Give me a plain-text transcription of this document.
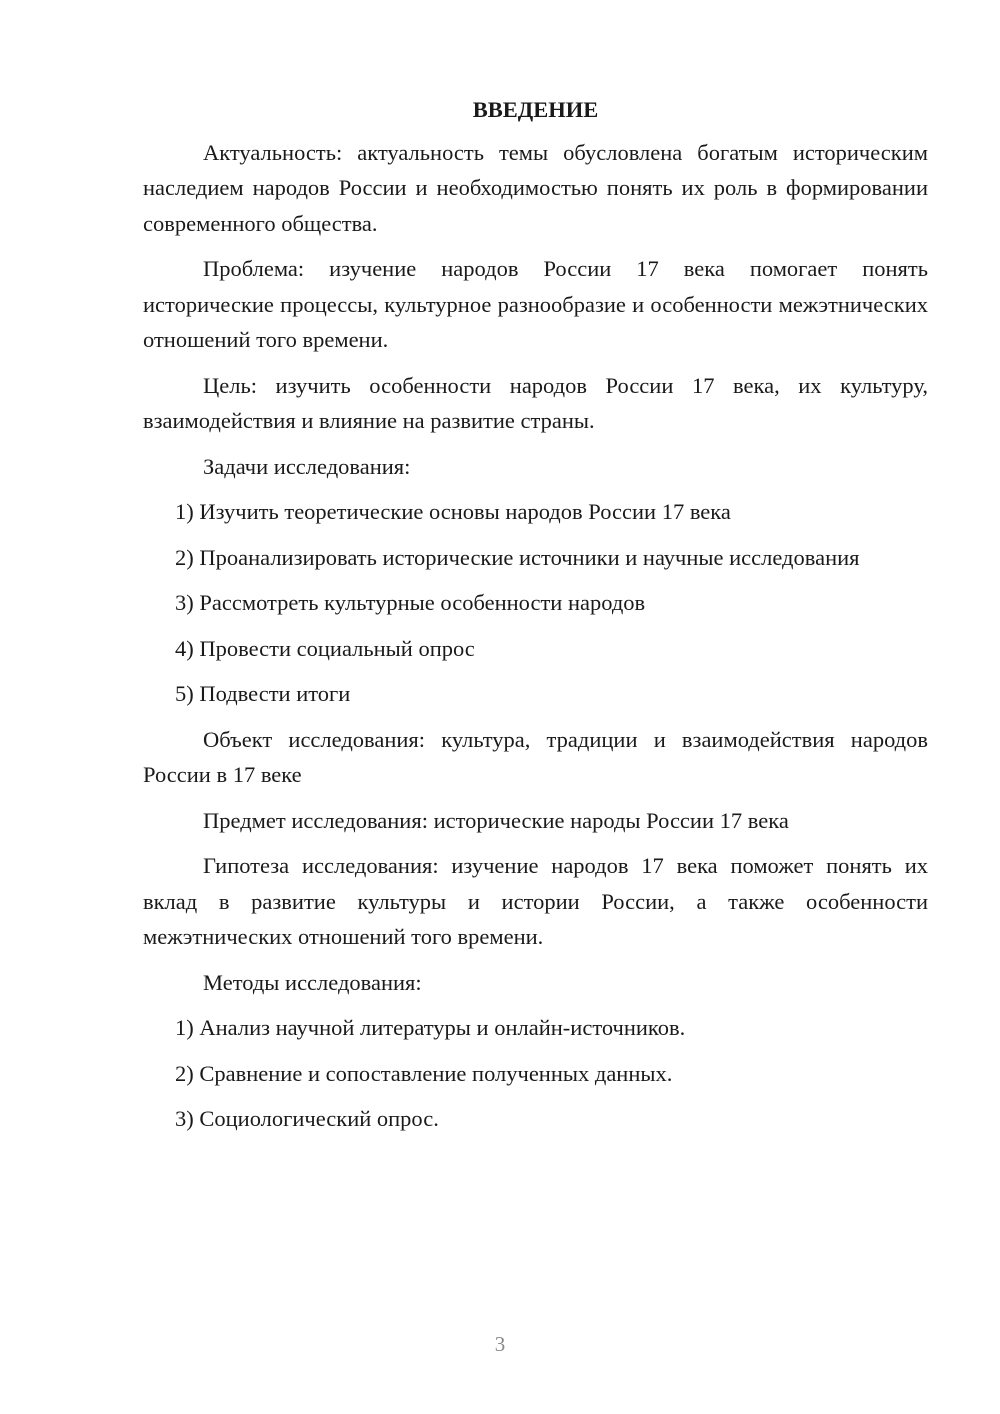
ВВЕДЕНИЕ

Актуальность: актуальность темы обусловлена богатым историческим наследием народов России и необходимостью понять их роль в формировании современного общества.

Проблема: изучение народов России 17 века помогает понять исторические процессы, культурное разнообразие и особенности межэтнических отношений того времени.

Цель: изучить особенности народов России 17 века, их культуру, взаимодействия и влияние на развитие страны.

Задачи исследования:

1) Изучить теоретические основы народов России 17 века

2) Проанализировать исторические источники и научные исследования

3) Рассмотреть культурные особенности народов

4) Провести социальный опрос

5) Подвести итоги

Объект исследования: культура, традиции и взаимодействия народов России в 17 веке

Предмет исследования: исторические народы России 17 века

Гипотеза исследования: изучение народов 17 века поможет понять их вклад в развитие культуры и истории России, а также особенности межэтнических отношений того времени.

Методы исследования:

1) Анализ научной литературы и онлайн-источников.

2) Сравнение и сопоставление полученных данных.

3) Социологический опрос.

3
